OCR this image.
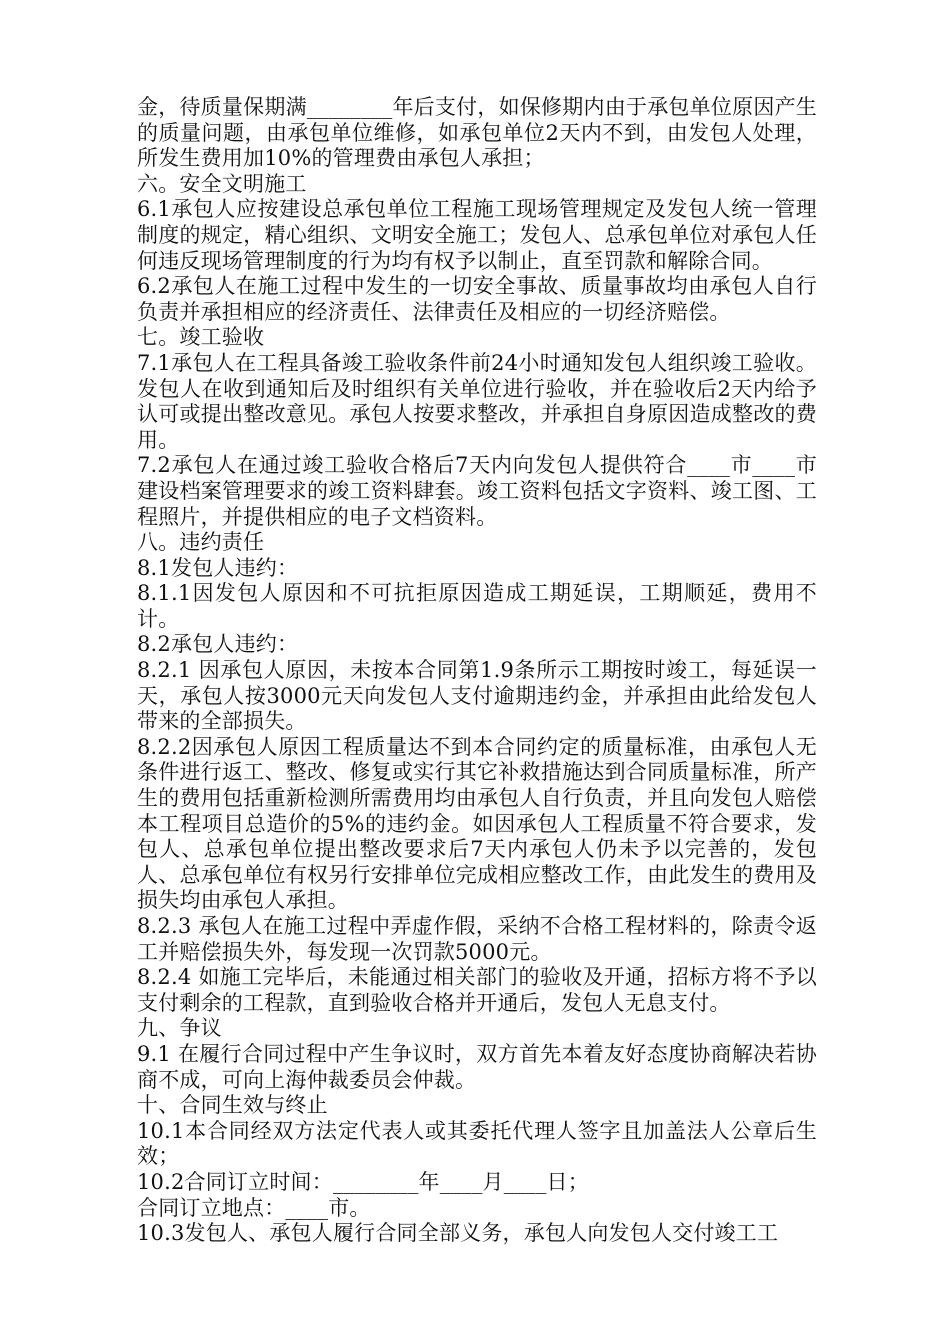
金，待质量保期满________年后支付，如保修期内由于承包单位原因产生的质量问题，由承包单位维修，如承包单位2天内不到，由发包人处理，所发生费用加10%的管理费由承包人承担；

六。安全文明施工

6.1承包人应按建设总承包单位工程施工现场管理规定及发包人统一管理制度的规定，精心组织、文明安全施工；发包人、总承包单位对承包人任何违反现场管理制度的行为均有权予以制止，直至罚款和解除合同。

6.2承包人在施工过程中发生的一切安全事故、质量事故均由承包人自行负责并承担相应的经济责任、法律责任及相应的一切经济赔偿。

七。竣工验收

7.1承包人在工程具备竣工验收条件前24小时通知发包人组织竣工验收。发包人在收到通知后及时组织有关单位进行验收，并在验收后2天内给予认可或提出整改意见。承包人按要求整改，并承担自身原因造成整改的费用。

7.2承包人在通过竣工验收合格后7天内向发包人提供符合____市____市建设档案管理要求的竣工资料肆套。竣工资料包括文字资料、竣工图、工程照片，并提供相应的电子文档资料。

八。违约责任

8.1发包人违约：

8.1.1因发包人原因和不可抗拒原因造成工期延误，工期顺延，费用不计。

8.2承包人违约：

8.2.1 因承包人原因，未按本合同第1.9条所示工期按时竣工，每延误一天，承包人按3000元天向发包人支付逾期违约金，并承担由此给发包人带来的全部损失。

8.2.2因承包人原因工程质量达不到本合同约定的质量标准，由承包人无条件进行返工、整改、修复或实行其它补救措施达到合同质量标准，所产生的费用包括重新检测所需费用均由承包人自行负责，并且向发包人赔偿本工程项目总造价的5%的违约金。如因承包人工程质量不符合要求，发包人、总承包单位提出整改要求后7天内承包人仍未予以完善的，发包人、总承包单位有权另行安排单位完成相应整改工作，由此发生的费用及损失均由承包人承担。

8.2.3 承包人在施工过程中弄虚作假，采纳不合格工程材料的，除责令返工并赔偿损失外，每发现一次罚款5000元。

8.2.4 如施工完毕后，未能通过相关部门的验收及开通，招标方将不予以支付剩余的工程款，直到验收合格并开通后，发包人无息支付。

九、争议

9.1 在履行合同过程中产生争议时，双方首先本着友好态度协商解决若协商不成，可向上海仲裁委员会仲裁。

十、合同生效与终止

10.1本合同经双方法定代表人或其委托代理人签字且加盖法人公章后生效；

10.2合同订立时间：________年____月____日；

合同订立地点：____市。

10.3发包人、承包人履行合同全部义务，承包人向发包人交付竣工工
